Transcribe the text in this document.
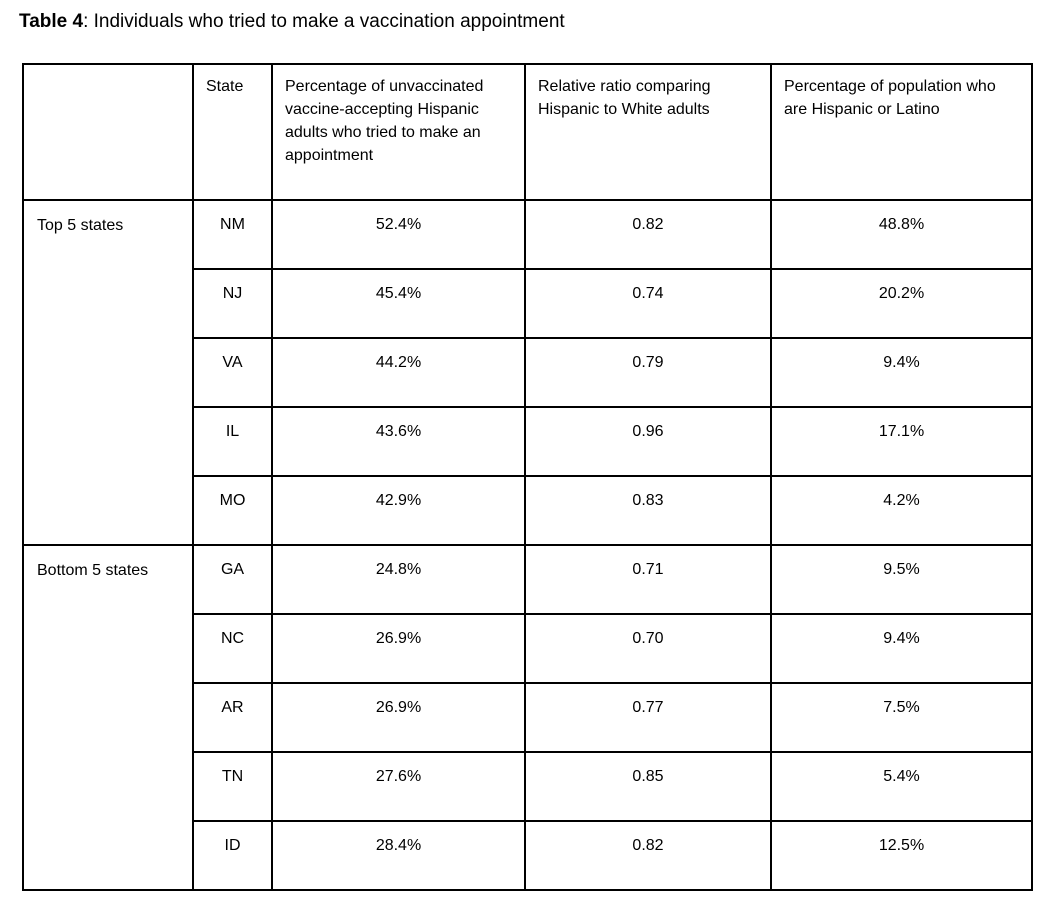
Table 4: Individuals who tried to make a vaccination appointment

	State	Percentage of unvaccinated vaccine-accepting Hispanic adults who tried to make an appointment	Relative ratio comparing Hispanic to White adults	Percentage of population who are Hispanic or Latino
Top 5 states	NM	52.4%	0.82	48.8%
	NJ	45.4%	0.74	20.2%
	VA	44.2%	0.79	9.4%
	IL	43.6%	0.96	17.1%
	MO	42.9%	0.83	4.2%
Bottom 5 states	GA	24.8%	0.71	9.5%
	NC	26.9%	0.70	9.4%
	AR	26.9%	0.77	7.5%
	TN	27.6%	0.85	5.4%
	ID	28.4%	0.82	12.5%
